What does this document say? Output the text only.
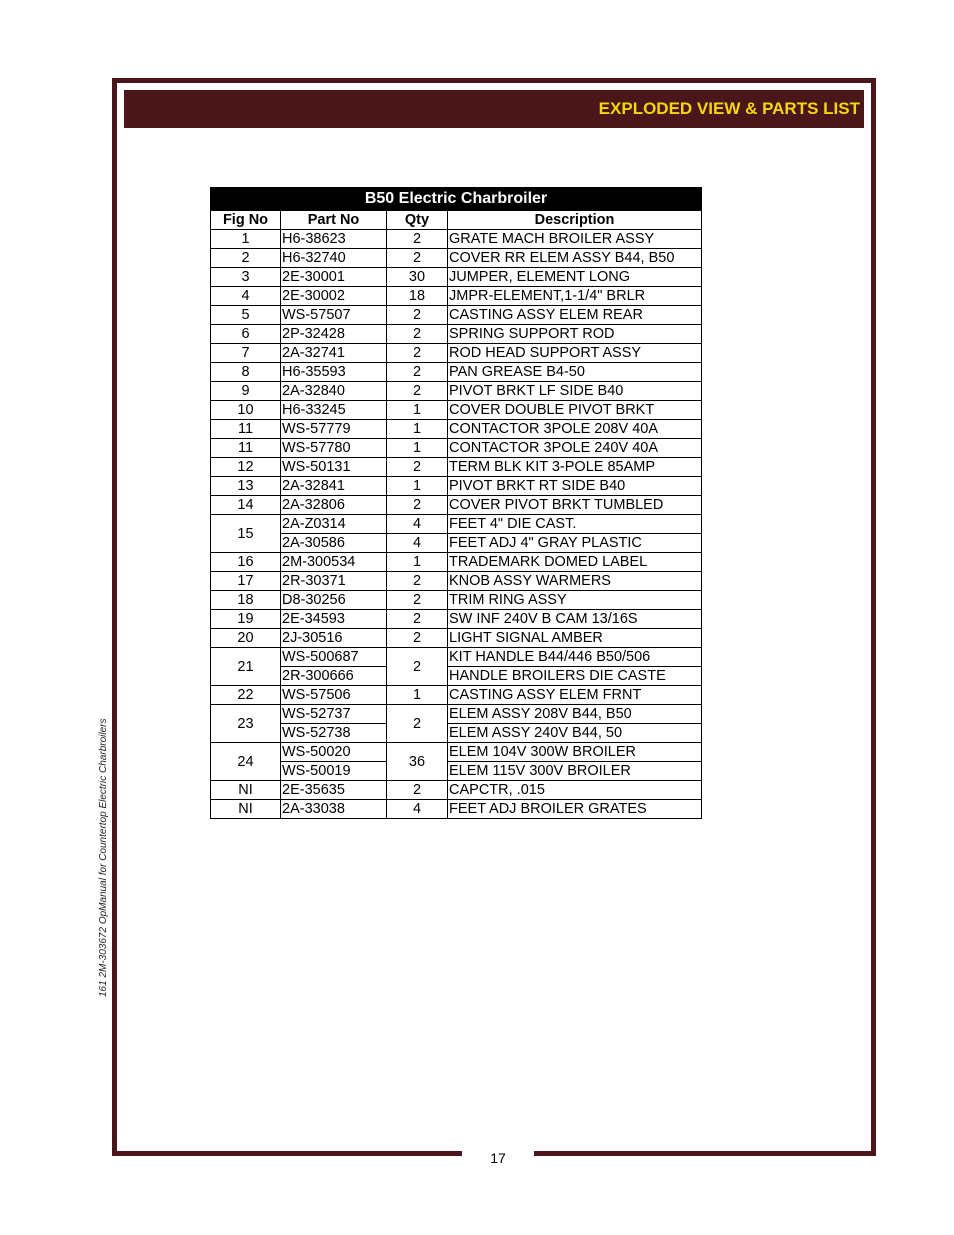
EXPLODED VIEW & PARTS LIST
161 2M-303672 OpManual for Countertop Electric Charbroilers
B50 Electric Charbroiler			
Fig No	Part No	Qty	Description
1	H6-38623	2	GRATE MACH BROILER ASSY
2	H6-32740	2	COVER RR ELEM ASSY B44, B50
3	2E-30001	30	JUMPER, ELEMENT LONG
4	2E-30002	18	JMPR-ELEMENT,1-1/4" BRLR
5	WS-57507	2	CASTING ASSY ELEM REAR
6	2P-32428	2	SPRING SUPPORT ROD
7	2A-32741	2	ROD HEAD SUPPORT ASSY
8	H6-35593	2	PAN GREASE B4-50
9	2A-32840	2	PIVOT BRKT LF SIDE B40
10	H6-33245	1	COVER DOUBLE PIVOT BRKT
11	WS-57779	1	CONTACTOR 3POLE 208V 40A
11	WS-57780	1	CONTACTOR 3POLE 240V 40A
12	WS-50131	2	TERM BLK KIT 3-POLE 85AMP
13	2A-32841	1	PIVOT BRKT RT SIDE B40
14	2A-32806	2	COVER PIVOT BRKT TUMBLED
15	2A-Z0314	4	FEET 4" DIE CAST.
	2A-30586	4	FEET ADJ 4" GRAY PLASTIC
16	2M-300534	1	TRADEMARK DOMED LABEL
17	2R-30371	2	KNOB ASSY WARMERS
18	D8-30256	2	TRIM RING ASSY
19	2E-34593	2	SW INF 240V B CAM 13/16S
20	2J-30516	2	LIGHT SIGNAL AMBER
21	WS-500687	2	KIT HANDLE B44/446 B50/506
	2R-300666		HANDLE BROILERS DIE CASTE
22	WS-57506	1	CASTING ASSY ELEM FRNT
23	WS-52737	2	ELEM ASSY 208V B44, B50
	WS-52738		ELEM ASSY 240V B44, 50
24	WS-50020	36	ELEM 104V 300W BROILER
	WS-50019		ELEM 115V 300V BROILER
NI	2E-35635	2	CAPCTR, .015
NI	2A-33038	4	FEET ADJ BROILER GRATES
17
